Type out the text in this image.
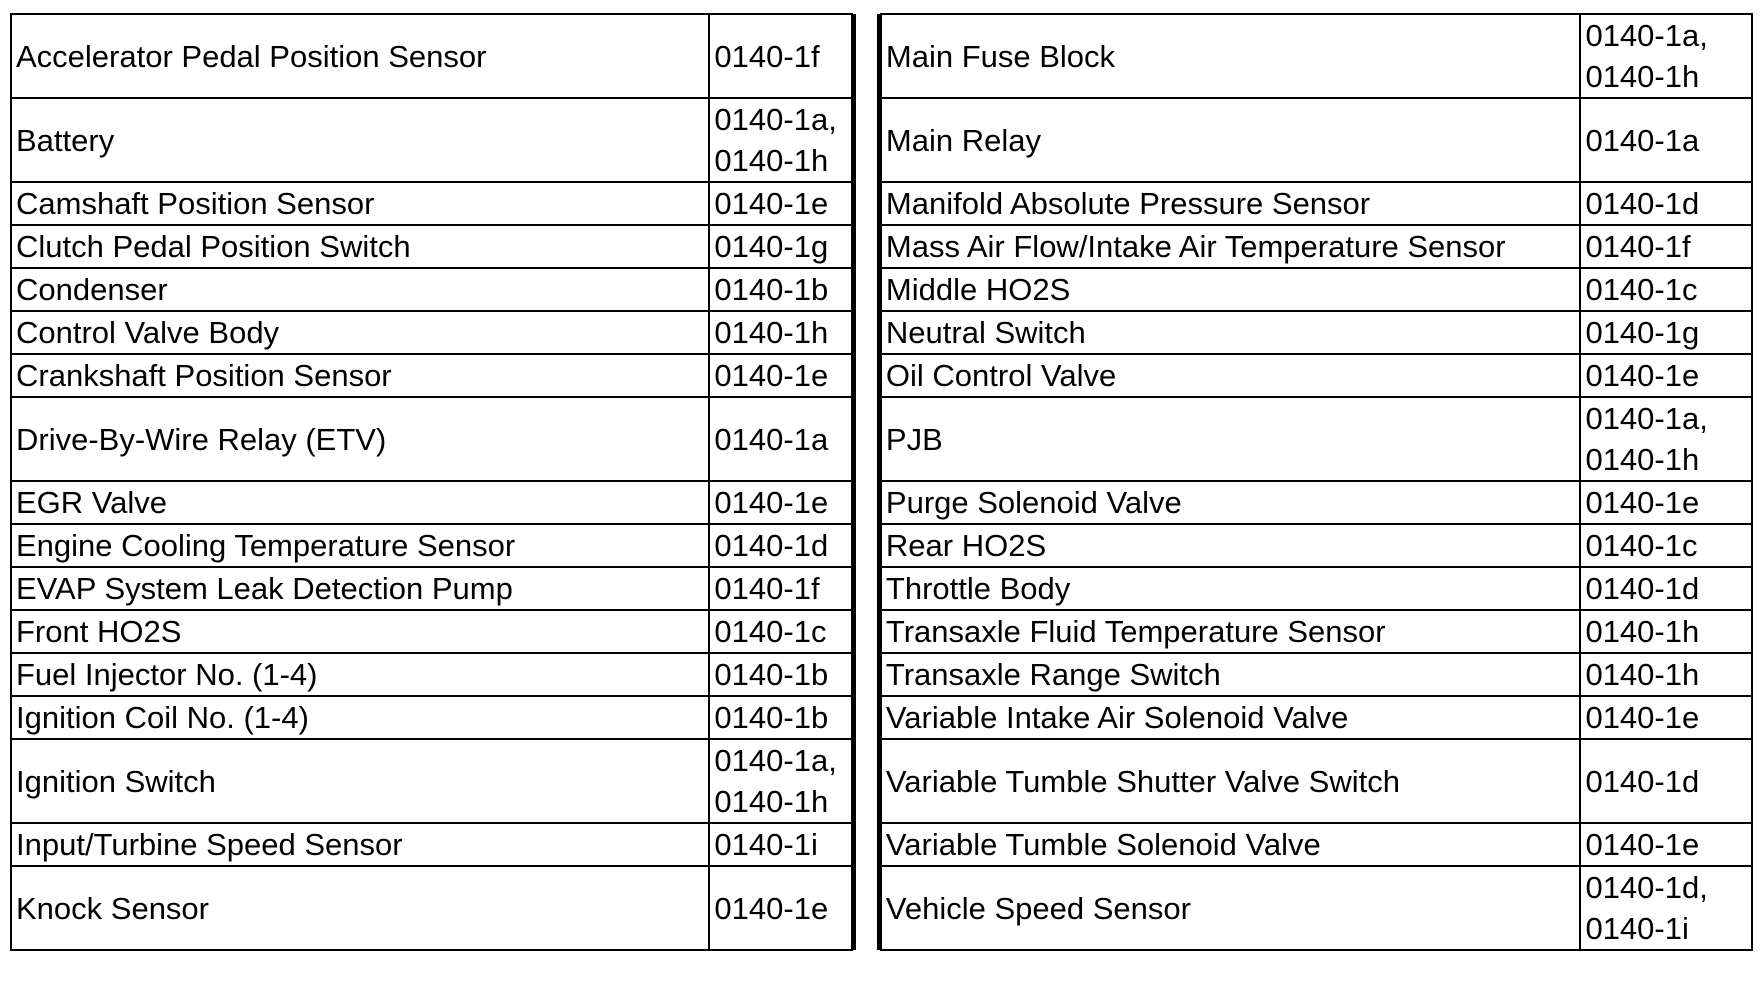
Accelerator Pedal Position Sensor	0140-1f		Main Fuse Block	0140-1a,
0140-1h

Battery	0140-1a,
0140-1h		Main Relay	0140-1a

Camshaft Position Sensor	0140-1e		Manifold Absolute Pressure Sensor	0140-1d

Clutch Pedal Position Switch	0140-1g		Mass Air Flow/Intake Air Temperature Sensor	0140-1f

Condenser	0140-1b		Middle HO2S	0140-1c

Control Valve Body	0140-1h		Neutral Switch	0140-1g

Crankshaft Position Sensor	0140-1e		Oil Control Valve	0140-1e

Drive-By-Wire Relay (ETV)	0140-1a		PJB	0140-1a,
0140-1h

EGR Valve	0140-1e		Purge Solenoid Valve	0140-1e

Engine Cooling Temperature Sensor	0140-1d		Rear HO2S	0140-1c

EVAP System Leak Detection Pump	0140-1f		Throttle Body	0140-1d

Front HO2S	0140-1c		Transaxle Fluid Temperature Sensor	0140-1h

Fuel Injector No. (1-4)	0140-1b		Transaxle Range Switch	0140-1h

Ignition Coil No. (1-4)	0140-1b		Variable Intake Air Solenoid Valve	0140-1e

Ignition Switch	0140-1a,
0140-1h		Variable Tumble Shutter Valve Switch	0140-1d

Input/Turbine Speed Sensor	0140-1i		Variable Tumble Solenoid Valve	0140-1e

Knock Sensor	0140-1e		Vehicle Speed Sensor	0140-1d,
0140-1i
